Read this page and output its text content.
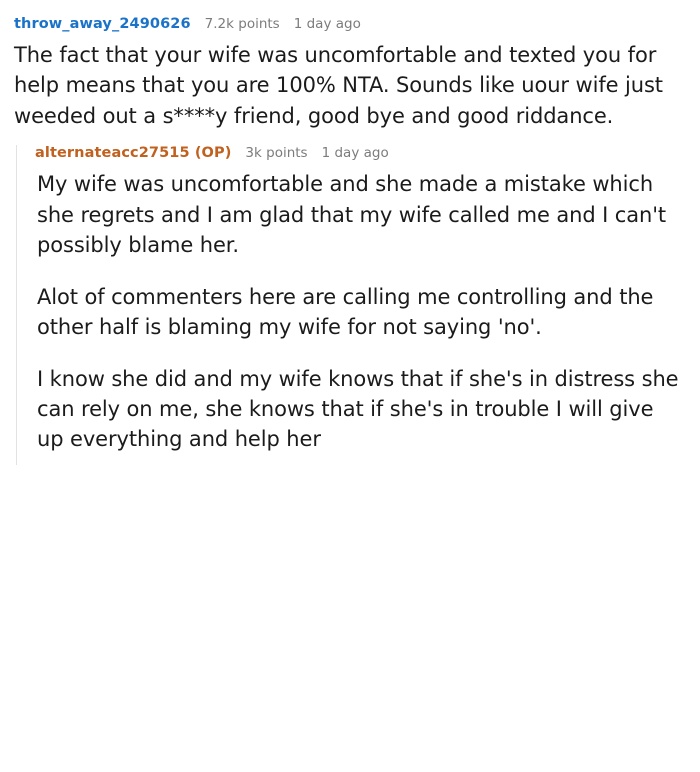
throw_away_2490626 7.2k points 1 day ago

The fact that your wife was uncomfortable and texted you for help means that you are 100% NTA. Sounds like uour wife just weeded out a s****y friend, good bye and good riddance.

alternateacc27515 (OP) 3k points 1 day ago

My wife was uncomfortable and she made a mistake which she regrets and I am glad that my wife called me and I can't possibly blame her.

Alot of commenters here are calling me controlling and the other half is blaming my wife for not saying 'no'.

I know she did and my wife knows that if she's in distress she can rely on me, she knows that if she's in trouble I will give up everything and help her
